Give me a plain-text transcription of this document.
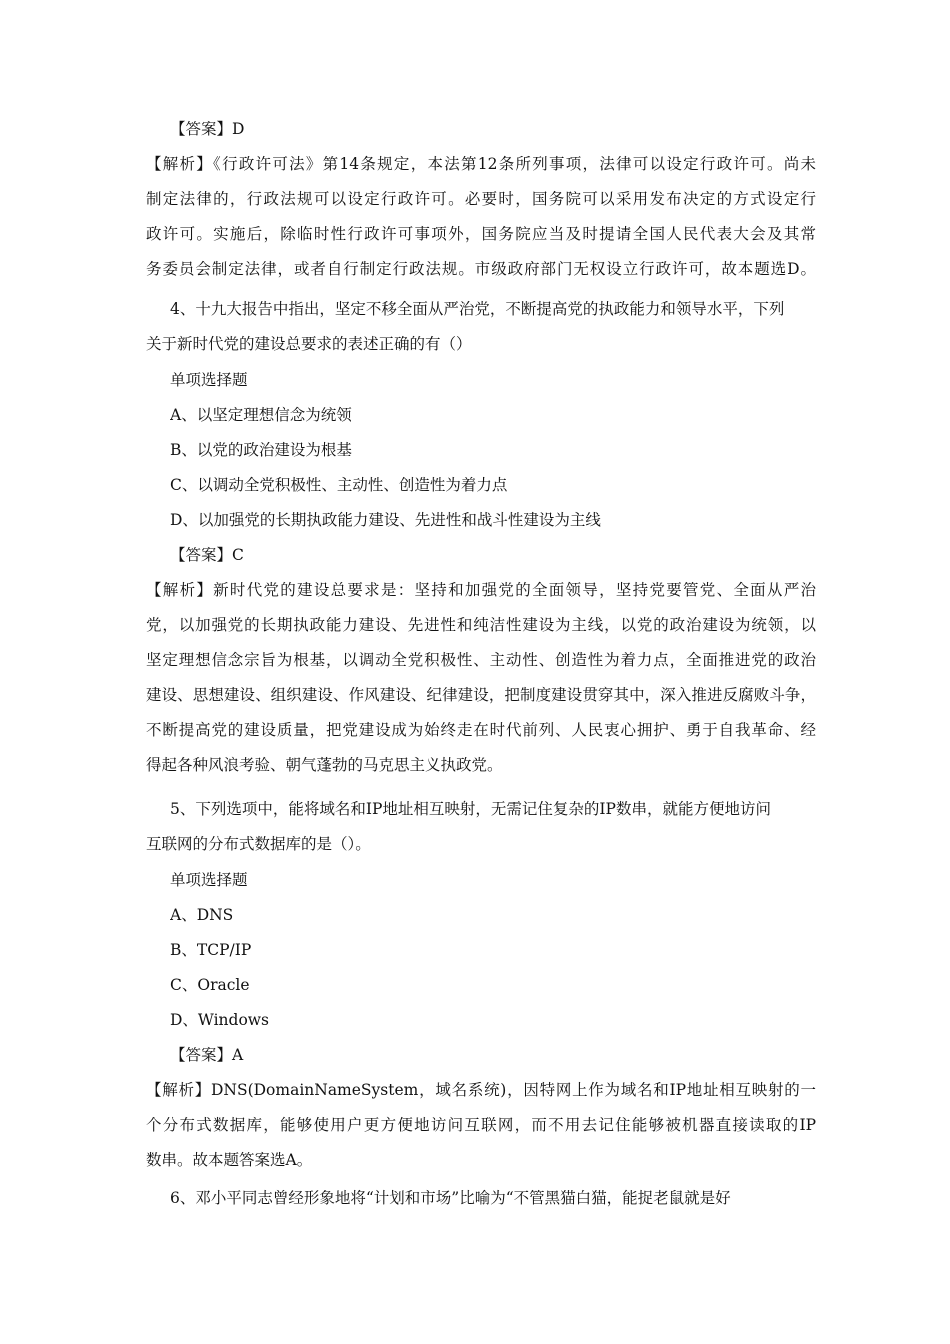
【答案】D
【解析】《行政许可法》第14条规定，本法第12条所列事项，法律可以设定行政许可。尚未
制定法律的，行政法规可以设定行政许可。必要时，国务院可以采用发布决定的方式设定行
政许可。实施后，除临时性行政许可事项外，国务院应当及时提请全国人民代表大会及其常
务委员会制定法律，或者自行制定行政法规。市级政府部门无权设立行政许可，故本题选D。
4、十九大报告中指出，坚定不移全面从严治党，不断提高党的执政能力和领导水平，下列
关于新时代党的建设总要求的表述正确的有（）
单项选择题
A、以坚定理想信念为统领
B、以党的政治建设为根基
C、以调动全党积极性、主动性、创造性为着力点
D、以加强党的长期执政能力建设、先进性和战斗性建设为主线
【答案】C
【解析】新时代党的建设总要求是：坚持和加强党的全面领导，坚持党要管党、全面从严治
党，以加强党的长期执政能力建设、先进性和纯洁性建设为主线，以党的政治建设为统领，以
坚定理想信念宗旨为根基，以调动全党积极性、主动性、创造性为着力点，全面推进党的政治
建设、思想建设、组织建设、作风建设、纪律建设，把制度建设贯穿其中，深入推进反腐败斗争，
不断提高党的建设质量，把党建设成为始终走在时代前列、人民衷心拥护、勇于自我革命、经
得起各种风浪考验、朝气蓬勃的马克思主义执政党。
5、下列选项中，能将域名和IP地址相互映射，无需记住复杂的IP数串，就能方便地访问
互联网的分布式数据库的是（）。
单项选择题
A、DNS
B、TCP/IP
C、Oracle
D、Windows
【答案】A
【解析】DNS(DomainNameSystem，域名系统)，因特网上作为域名和IP地址相互映射的一
个分布式数据库，能够使用户更方便地访问互联网，而不用去记住能够被机器直接读取的IP
数串。故本题答案选A。
6、邓小平同志曾经形象地将“计划和市场”比喻为“不管黑猫白猫，能捉老鼠就是好
